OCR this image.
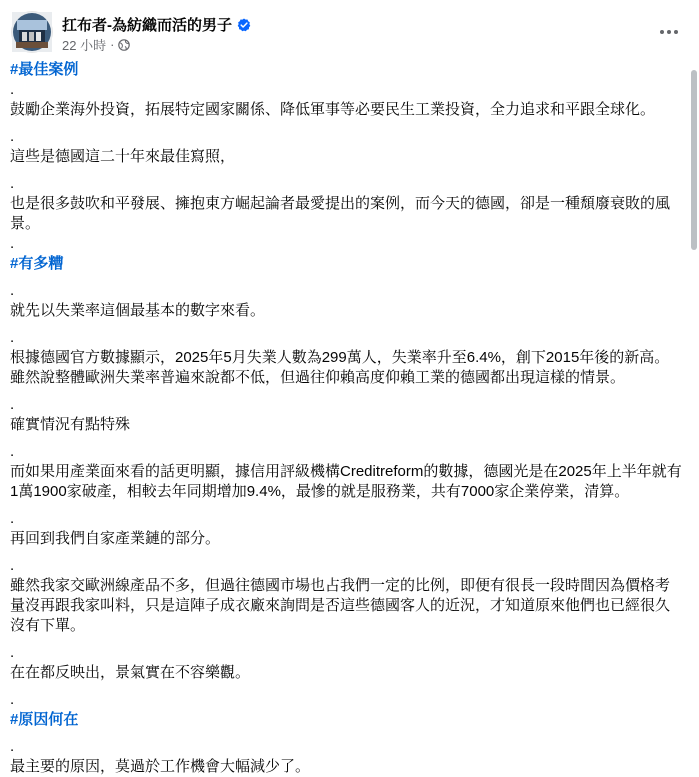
扛布者-為紡織而活的男子
22 小時 ·
#最佳案例
.
鼓勵企業海外投資，拓展特定國家關係、降低軍事等必要民生工業投資，全力追求和平跟全球化。
.
這些是德國這二十年來最佳寫照，
.
也是很多鼓吹和平發展、擁抱東方崛起論者最愛提出的案例，而今天的德國，卻是一種頹廢衰敗的風景。
.
#有多糟
.
就先以失業率這個最基本的數字來看。
.
根據德國官方數據顯示，2025年5月失業人數為299萬人，失業率升至6.4%，創下2015年後的新高。雖然說整體歐洲失業率普遍來說都不低，但過往仰賴高度仰賴工業的德國都出現這樣的情景。
.
確實情況有點特殊
.
而如果用產業面來看的話更明顯，據信用評級機構Creditreform的數據，德國光是在2025年上半年就有1萬1900家破產，相較去年同期增加9.4%，最慘的就是服務業，共有7000家企業停業，清算。
.
再回到我們自家產業鏈的部分。
.
雖然我家交歐洲線產品不多，但過往德國市場也占我們一定的比例，即便有很長一段時間因為價格考量沒再跟我家叫料，只是這陣子成衣廠來詢問是否這些德國客人的近況，才知道原來他們也已經很久沒有下單。
.
在在都反映出，景氣實在不容樂觀。
.
#原因何在
.
最主要的原因，莫過於工作機會大幅減少了。
